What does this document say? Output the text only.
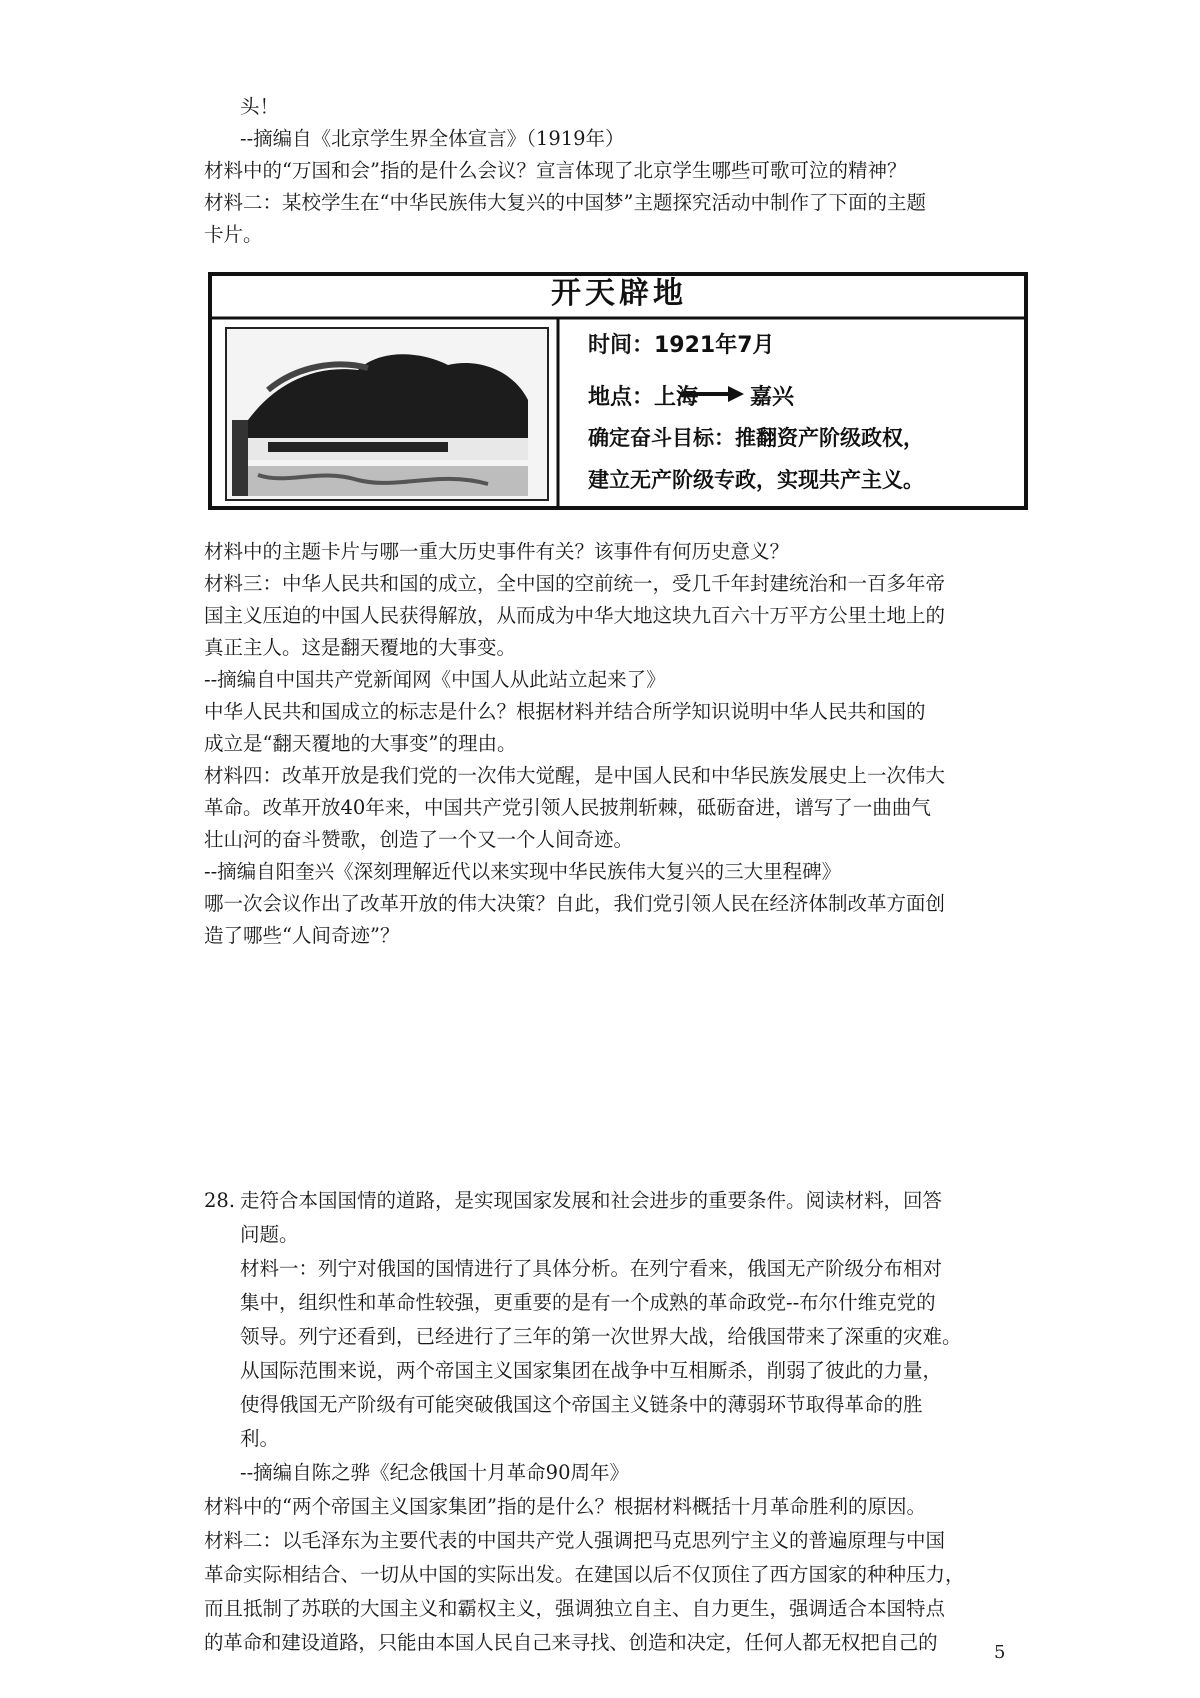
头！
--摘编自《北京学生界全体宣言》（1919年）
材料中的“万国和会”指的是什么会议？宣言体现了北京学生哪些可歌可泣的精神？
材料二：某校学生在“中华民族伟大复兴的中国梦”主题探究活动中制作了下面的主题
卡片。
开天辟地
时间：1921年7月
地点：上海 嘉兴
确定奋斗目标：推翻资产阶级政权，
建立无产阶级专政，实现共产主义。
材料中的主题卡片与哪一重大历史事件有关？该事件有何历史意义？
材料三：中华人民共和国的成立，全中国的空前统一，受几千年封建统治和一百多年帝
国主义压迫的中国人民获得解放，从而成为中华大地这块九百六十万平方公里土地上的
真正主人。这是翻天覆地的大事变。
--摘编自中国共产党新闻网《中国人从此站立起来了》
中华人民共和国成立的标志是什么？根据材料并结合所学知识说明中华人民共和国的
成立是“翻天覆地的大事变”的理由。
材料四：改革开放是我们党的一次伟大觉醒，是中国人民和中华民族发展史上一次伟大
革命。改革开放40年来，中国共产党引领人民披荆斩棘，砥砺奋进，谱写了一曲曲气
壮山河的奋斗赞歌，创造了一个又一个人间奇迹。
--摘编自阳奎兴《深刻理解近代以来实现中华民族伟大复兴的三大里程碑》
哪一次会议作出了改革开放的伟大决策？自此，我们党引领人民在经济体制改革方面创
造了哪些“人间奇迹”？
28. 走符合本国国情的道路，是实现国家发展和社会进步的重要条件。阅读材料，回答
问题。
材料一：列宁对俄国的国情进行了具体分析。在列宁看来，俄国无产阶级分布相对
集中，组织性和革命性较强，更重要的是有一个成熟的革命政党--布尔什维克党的
领导。列宁还看到，已经进行了三年的第一次世界大战，给俄国带来了深重的灾难。
从国际范围来说，两个帝国主义国家集团在战争中互相厮杀，削弱了彼此的力量，
使得俄国无产阶级有可能突破俄国这个帝国主义链条中的薄弱环节取得革命的胜
利。
--摘编自陈之骅《纪念俄国十月革命90周年》
材料中的“两个帝国主义国家集团”指的是什么？根据材料概括十月革命胜利的原因。
材料二：以毛泽东为主要代表的中国共产党人强调把马克思列宁主义的普遍原理与中国
革命实际相结合、一切从中国的实际出发。在建国以后不仅顶住了西方国家的种种压力，
而且抵制了苏联的大国主义和霸权主义，强调独立自主、自力更生，强调适合本国特点
的革命和建设道路，只能由本国人民自己来寻找、创造和决定，任何人都无权把自己的	5
